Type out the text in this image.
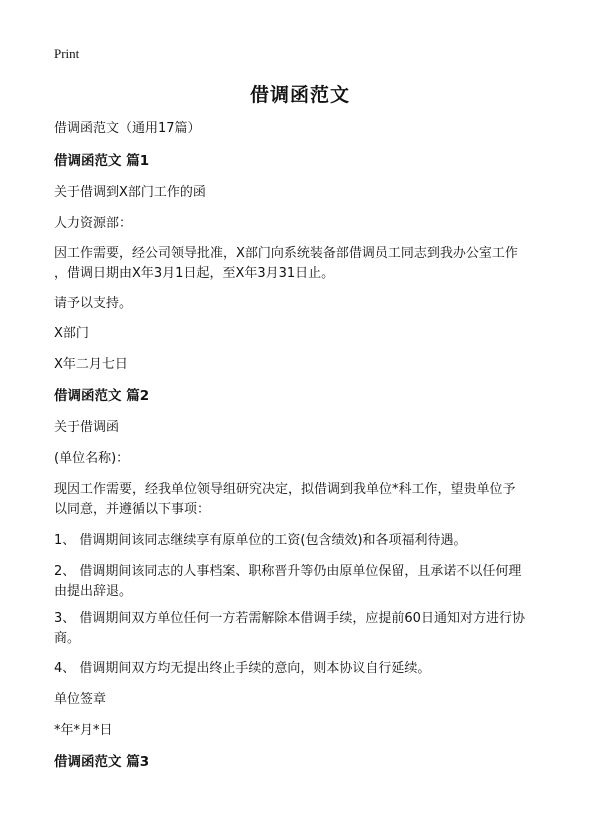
Print
借调函范文
借调函范文（通用17篇）
借调函范文 篇1
关于借调到X部门工作的函
人力资源部：
因工作需要，经公司领导批准，X部门向系统装备部借调员工同志到我办公室工作
，借调日期由X年3月1日起，至X年3月31日止。
请予以支持。
X部门
X年二月七日
借调函范文 篇2
关于借调函
(单位名称)：
现因工作需要，经我单位领导组研究决定，拟借调到我单位*科工作，望贵单位予
以同意，并遵循以下事项：
1、 借调期间该同志继续享有原单位的工资(包含绩效)和各项福利待遇。
2、 借调期间该同志的人事档案、职称晋升等仍由原单位保留，且承诺不以任何理
由提出辞退。
3、 借调期间双方单位任何一方若需解除本借调手续，应提前60日通知对方进行协
商。
4、 借调期间双方均无提出终止手续的意向，则本协议自行延续。
单位签章
*年*月*日
借调函范文 篇3
